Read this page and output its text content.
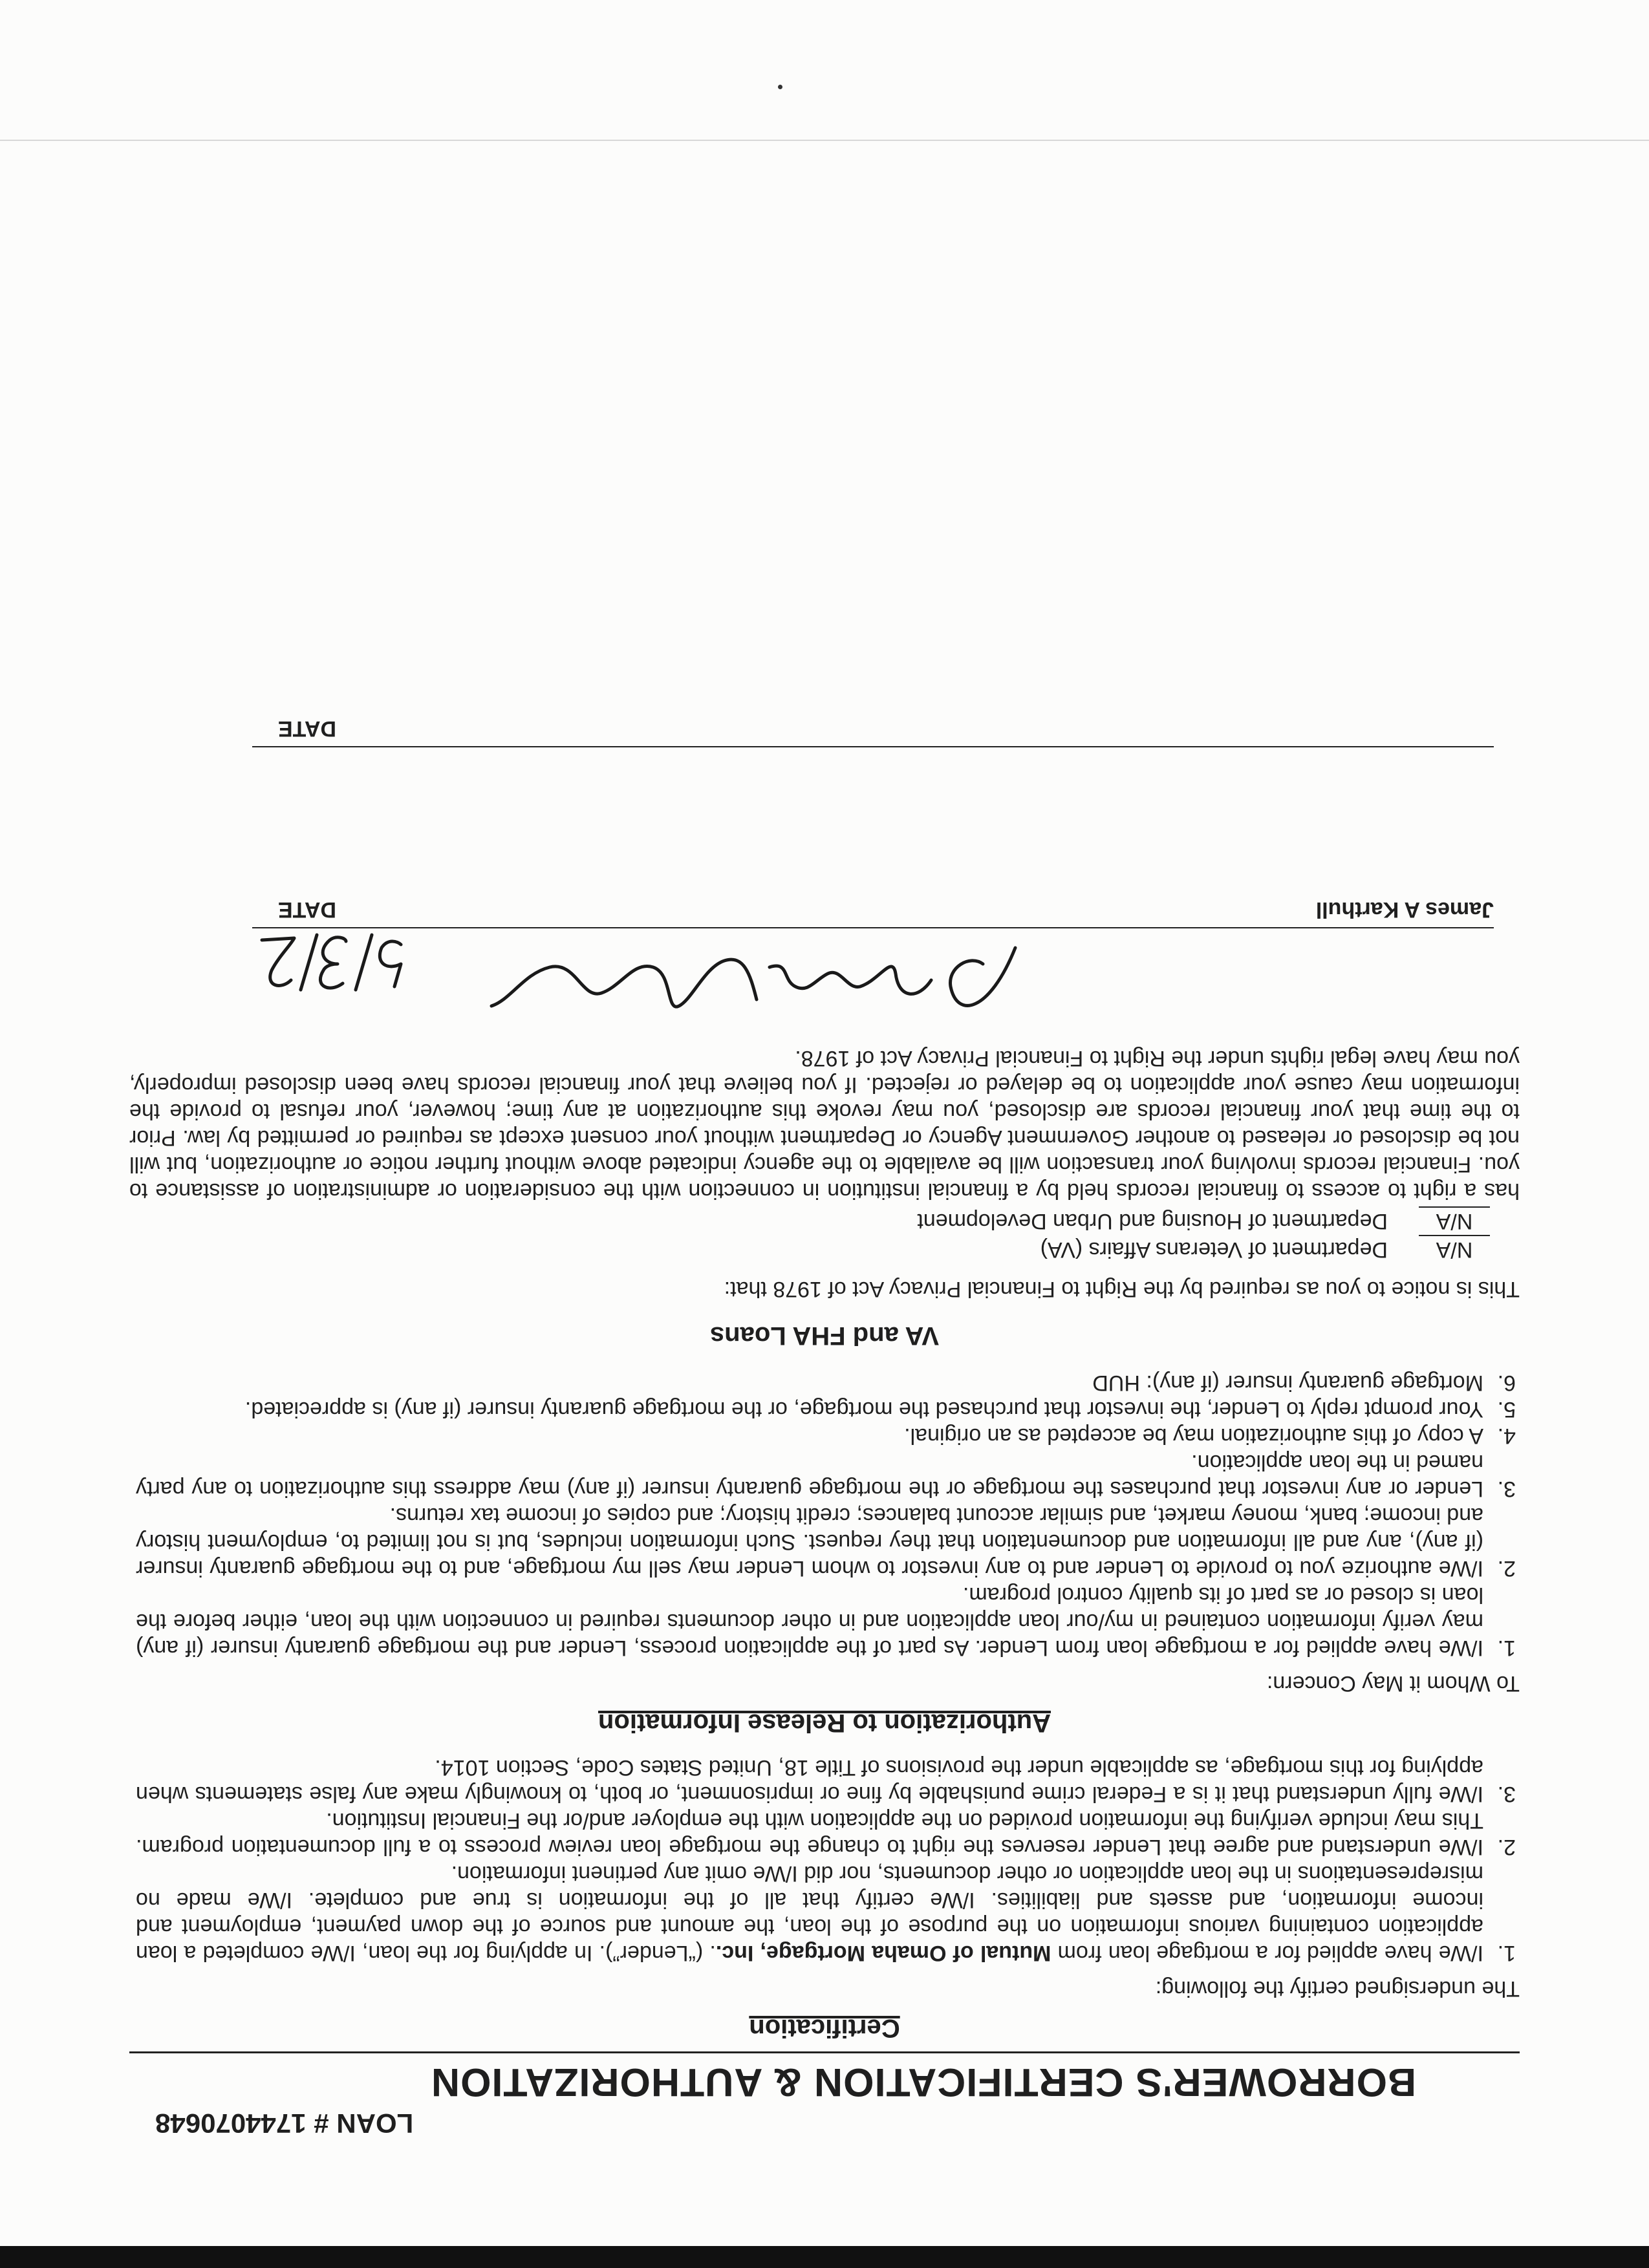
LOAN # 1744070648
BORROWER'S CERTIFICATION & AUTHORIZATION
Certification
The undersigned certify the following:
1.
I/We have applied for a mortgage loan from Mutual of Omaha Mortgage, Inc.. (“Lender”). In applying for the loan, I/We completed a loan application containing various information on the purpose of the loan, the amount and source of the down payment, employment and income information, and assets and liabilities. I/We certify that all of the information is true and complete. I/We made no misrepresentations in the loan application or other documents, nor did I/We omit any pertinent information.
2.
I/We understand and agree that Lender reserves the right to change the mortgage loan review process to a full documentation program. This may include verifying the information provided on the application with the employer and/or the Financial Institution.
3.
I/We fully understand that it is a Federal crime punishable by fine or imprisonment, or both, to knowingly make any false statements when applying for this mortgage, as applicable under the provisions of Title 18, United States Code, Section 1014.
Authorization to Release Information
To Whom it May Concern:
1.
I/We have applied for a mortgage loan from Lender. As part of the application process, Lender and the mortgage guaranty insurer (if any) may verify information contained in my/our loan application and in other documents required in connection with the loan, either before the loan is closed or as part of its quality control program.
2.
I/We authorize you to provide to Lender and to any investor to whom Lender may sell my mortgage, and to the mortgage guaranty insurer (if any), any and all information and documentation that they request. Such information includes, but is not limited to, employment history and income; bank, money market, and similar account balances; credit history; and copies of income tax returns.
3.
Lender or any investor that purchases the mortgage or the mortgage guaranty insurer (if any) may address this authorization to any party named in the loan application.
4.
A copy of this authorization may be accepted as an original.
5.
Your prompt reply to Lender, the investor that purchased the mortgage, or the mortgage guaranty insurer (if any) is appreciated.
6.
Mortgage guaranty insurer (if any): HUD
VA and FHA Loans
This is notice to you as required by the Right to Financial Privacy Act of 1978 that:
N/A
Department of Veterans Affairs (VA)
N/A
Department of Housing and Urban Development
has a right to access to financial records held by a financial institution in connection with the consideration or administration of assistance to you. Financial records involving your transaction will be available to the agency indicated above without further notice or authorization, but will not be disclosed or released to another Government Agency or Department without your consent except as required or permitted by law. Prior to the time that your financial records are disclosed, you may revoke this authorization at any time; however, your refusal to provide the information may cause your application to be delayed or rejected. If you believe that your financial records have been disclosed improperly, you may have legal rights under the Right to Financial Privacy Act of 1978.
James A Karthull
DATE
DATE
